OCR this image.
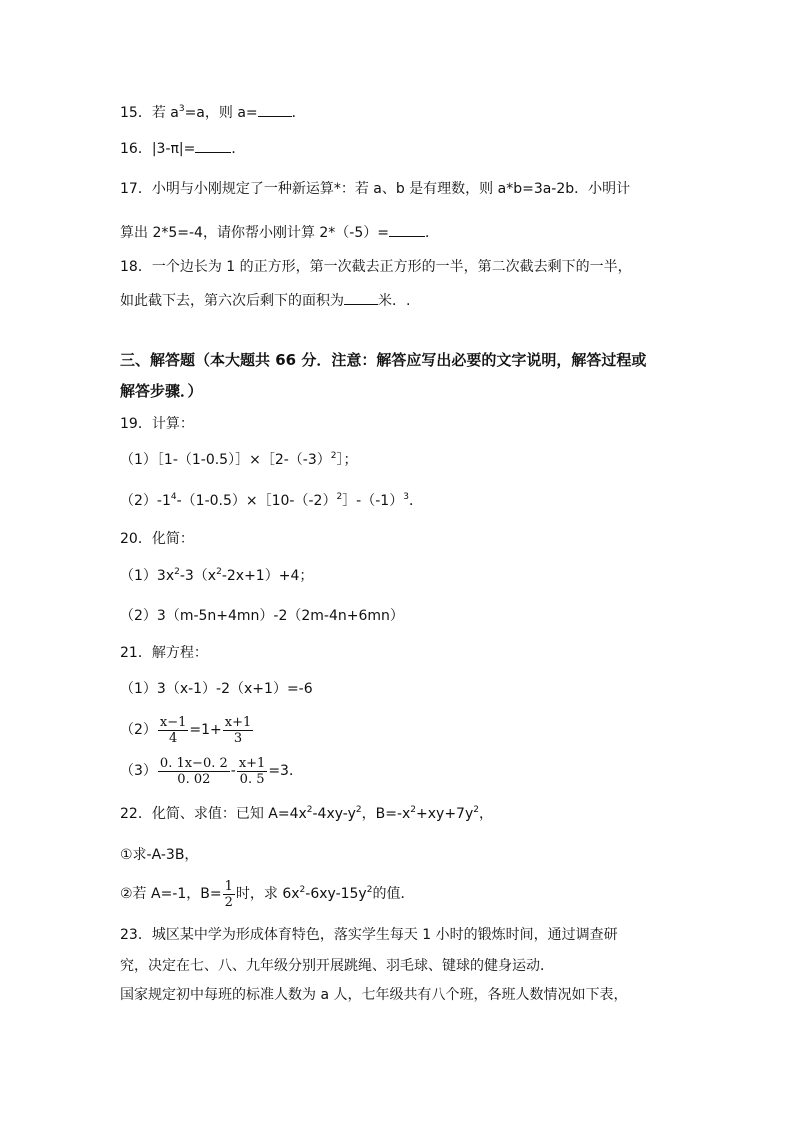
15．若 $a^3=a$，则 a= ．
16．|3-π|=	．
17．小明与小刚规定了一种新运算*：若 a、b 是有理数，则 a*b=3a-2b．小明计
算出 2*5=-4，请你帮小刚计算 2*（-5）=	．
18．一个边长为 1 的正方形，第一次截去正方形的一半，第二次截去剩下的一半，
如此截下去，第六次后剩下的面积为 米．.
三、解答题（本大题共 66 分．注意：解答应写出必要的文字说明，解答过程或
解答步骤．）
19．计算：
$(1)[1-(1-0.5)]\times[2-(-3)^2]$；
$(2)-1^4-(1-0.5)\times[10-(-2)^2]-(-1)^3$．
20．化简：
$(1)3x^2-3(x^2-2x+1)+4$；
（2）3（m-5n+4mn）-2（2m-4n+6mn）
21．解方程：
（1）3（x-1）-2（x+1）=-6
$(2) \frac{x-1}{4} =1+ \frac{x+1}{3}$
$(3) \frac{0. 1x-0. 2}{0. 02} - \frac{x+1}{0. 5} =3$．
22．化简、求值：已知 $A=4x^2-4xy-y^2$，$B=-x^2+xy+7y^2$，
①求-A-3B，
②若 A=-1，$B= \frac{1}{2}$ 时，求 $6x^2-6xy-15y^2$的值．
23．城区某中学为形成体育特色，落实学生每天 1 小时的锻炼时间，通过调查研
究，决定在七、八、九年级分别开展跳绳、羽毛球、键球的健身运动．
国家规定初中每班的标准人数为 a 人，七年级共有八个班，各班人数情况如下表，
